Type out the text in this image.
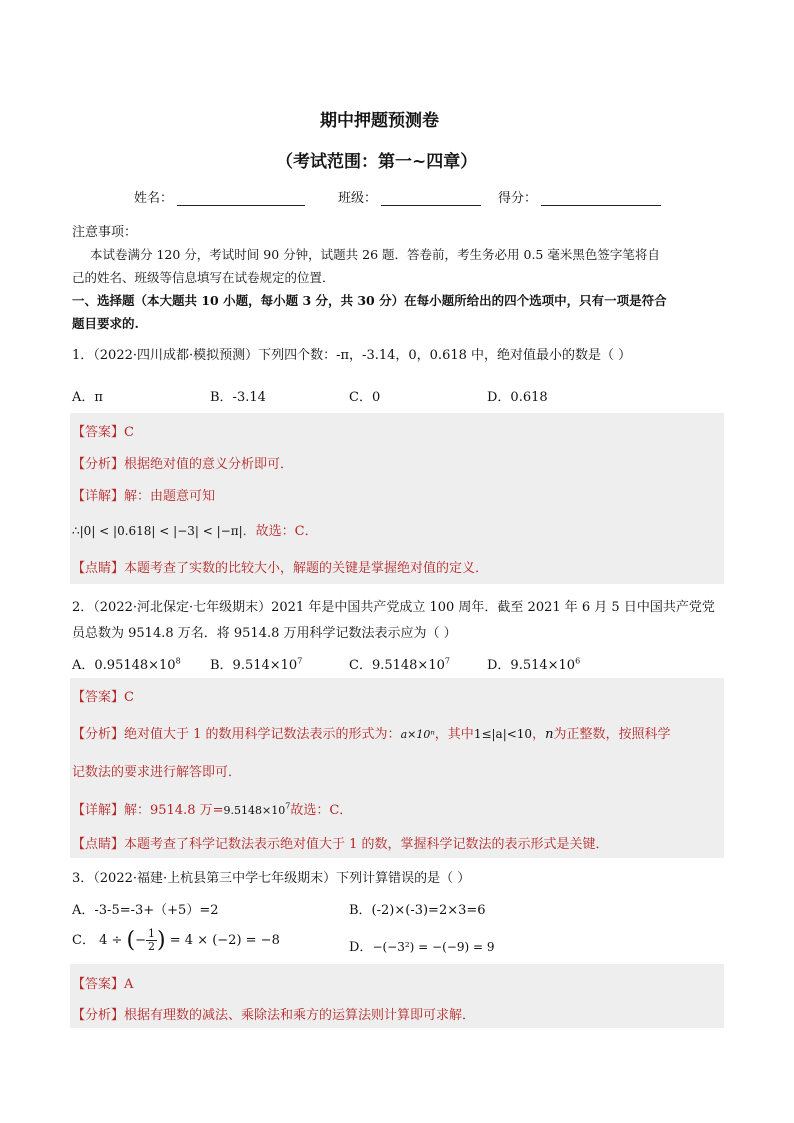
期中押题预测卷
（考试范围：第一~四章）
姓名：	班级：	得分：
注意事项：
本试卷满分 120 分，考试时间 90 分钟，试题共 26 题．答卷前，考生务必用 0.5 毫米黑色签字笔将自
己的姓名、班级等信息填写在试卷规定的位置．
一、选择题（本大题共 10 小题，每小题 3 分，共 30 分）在每小题所给出的四个选项中，只有一项是符合
题目要求的.
1．（2022·四川成都·模拟预测）下列四个数：-π，-3.14，0，0.618 中，绝对值最小的数是（ ）
A．π	B．-3.14	C．0	D．0.618
【答案】C
【分析】根据绝对值的意义分析即可．
【详解】解：由题意可知
∴|0| < |0.618| < |−3| < |−π|．故选：C．
【点睛】本题考查了实数的比较大小，解题的关键是掌握绝对值的定义．
2．（2022·河北保定·七年级期末）2021 年是中国共产党成立 100 周年．截至 2021 年 6 月 5 日中国共产党党
员总数为 9514.8 万名．将 9514.8 万用科学记数法表示应为（ ）
A．$0.95148\times 10^8$ B．$9.514\times 10^7$	C．$9.5148\times 10^7$	D．$9.514\times 10^6$
【答案】C
【分析】绝对值大于 1 的数用科学记数法表示的形式为：a×10ⁿ，其中1≤|a|<10，n为正整数，按照科学
记数法的要求进行解答即可．
【详解】解：9514.8 万$=9.5148\times 10^7$故选：C．
【点睛】本题考查了科学记数法表示绝对值大于 1 的数，掌握科学记数法的表示形式是关键．
3．（2022·福建·上杭县第三中学七年级期末）下列计算错误的是（ ）
A．-3-5=-3+（+5）=2	B．(-2)×(-3)=2×3=6
C． 4 ÷ (− $\frac{1}{2}$ ) = 4 × (−2) = −8	D．−(−3²) = −(−9) = 9
【答案】A
【分析】根据有理数的减法、乘除法和乘方的运算法则计算即可求解．
